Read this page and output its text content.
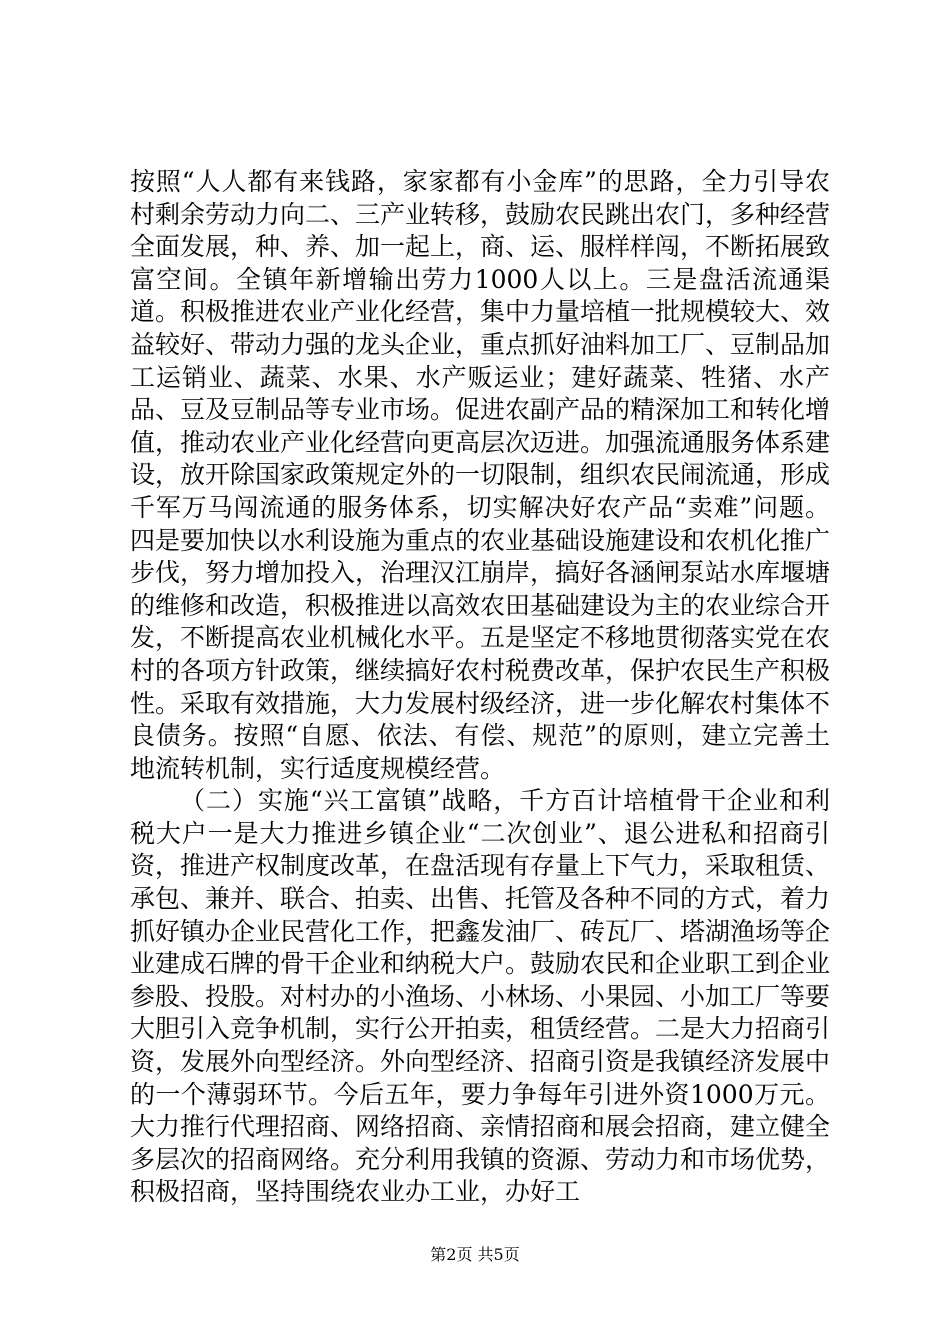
按照“人人都有来钱路，家家都有小金库”的思路，全力引导农村剩余劳动力向二、三产业转移，鼓励农民跳出农门，多种经营全面发展，种、养、加一起上，商、运、服样样闯，不断拓展致富空间。全镇年新增输出劳力1000人以上。三是盘活流通渠道。积极推进农业产业化经营，集中力量培植一批规模较大、效益较好、带动力强的龙头企业，重点抓好油料加工厂、豆制品加工运销业、蔬菜、水果、水产贩运业；建好蔬菜、牲猪、水产品、豆及豆制品等专业市场。促进农副产品的精深加工和转化增值，推动农业产业化经营向更高层次迈进。加强流通服务体系建设，放开除国家政策规定外的一切限制，组织农民闹流通，形成千军万马闯流通的服务体系，切实解决好农产品“卖难”问题。四是要加快以水利设施为重点的农业基础设施建设和农机化推广步伐，努力增加投入，治理汉江崩岸，搞好各涵闸泵站水库堰塘的维修和改造，积极推进以高效农田基础建设为主的农业综合开发，不断提高农业机械化水平。五是坚定不移地贯彻落实党在农村的各项方针政策，继续搞好农村税费改革，保护农民生产积极性。采取有效措施，大力发展村级经济，进一步化解农村集体不良债务。按照“自愿、依法、有偿、规范”的原则，建立完善土地流转机制，实行适度规模经营。

（二）实施“兴工富镇”战略，千方百计培植骨干企业和利税大户一是大力推进乡镇企业“二次创业”、退公进私和招商引资，推进产权制度改革，在盘活现有存量上下气力，采取租赁、承包、兼并、联合、拍卖、出售、托管及各种不同的方式，着力抓好镇办企业民营化工作，把鑫发油厂、砖瓦厂、塔湖渔场等企业建成石牌的骨干企业和纳税大户。鼓励农民和企业职工到企业参股、投股。对村办的小渔场、小林场、小果园、小加工厂等要大胆引入竞争机制，实行公开拍卖，租赁经营。二是大力招商引资，发展外向型经济。外向型经济、招商引资是我镇经济发展中的一个薄弱环节。今后五年，要力争每年引进外资1000万元。大力推行代理招商、网络招商、亲情招商和展会招商，建立健全多层次的招商网络。充分利用我镇的资源、劳动力和市场优势，积极招商，坚持围绕农业办工业，办好工

第2页 共5页
